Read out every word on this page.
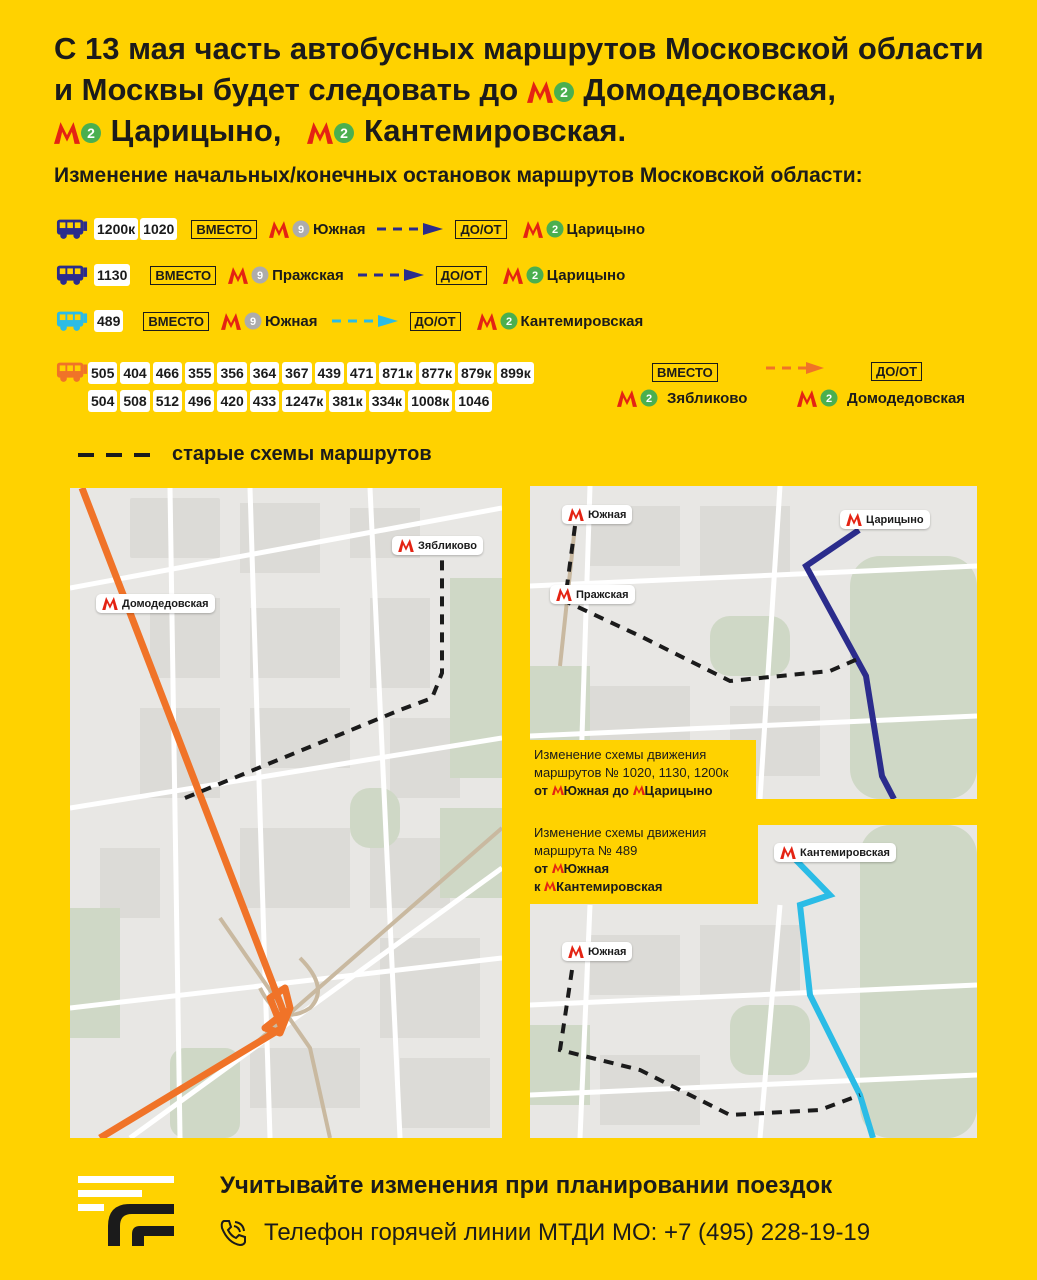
С 13 мая часть автобусных маршрутов Московской области
и Москвы будет следовать до	2 Домодедовская,
2 Царицыно,	2 Кантемировская.
Изменение начальных/конечных остановок маршрутов Московской области:
1200к 1020	ВМЕСТО	9 Южная	ДО/ОТ	2 Царицыно
1130	ВМЕСТО	9 Пражская	ДО/ОТ	2 Царицыно
489	ВМЕСТО	9 Южная	ДО/ОТ	2 Кантемировская
505 404 466 355 356 364 367 439 471 871к 877к 879к 899к
504 508 512 496 420 433 1247к 381к 334к 1008к 1046
ВМЕСТО	ДО/ОТ
2 Зябликово	2 Домодедовская
старые схемы маршрутов
Домодедовская
Зябликово
Южная
Пражская
Царицыно
Кантемировская
Южная
Изменение схемы движения
маршрутов № 1020, 1130, 1200к
от Южная до Царицыно
Изменение схемы движения
маршрута № 489
от Южная
к Кантемировская
Учитывайте изменения при планировании поездок
Телефон горячей линии МТДИ МО: +7 (495) 228-19-19
